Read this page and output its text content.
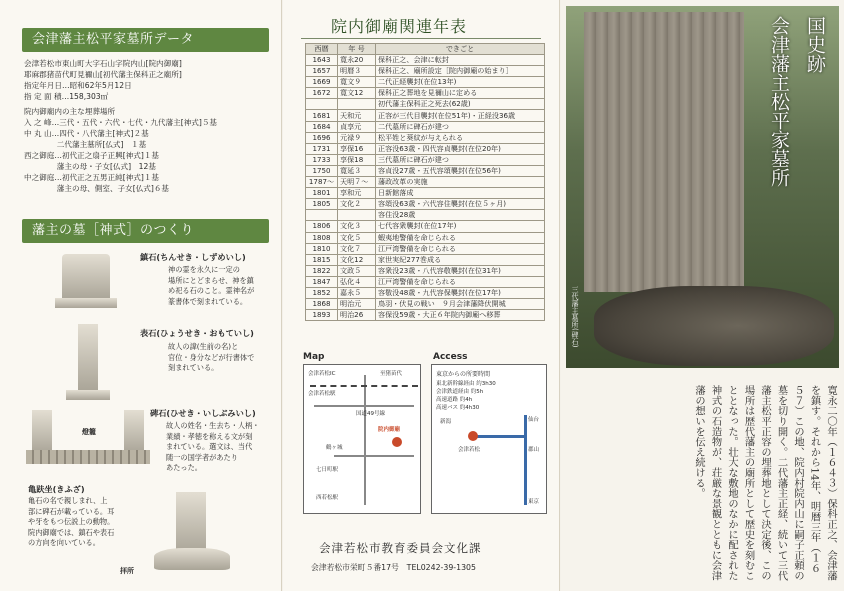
会津藩主松平家墓所データ
会津若松市東山町大字石山字院内山[院内御廟]
耶麻郡猪苗代町見禰山[初代藩主保科正之廟所]
指定年月日…昭和62年5月12日
指 定 面 積…158,303㎡
院内御廟内の主な埋葬場所
入 之 峰…三代・五代・六代・七代・九代藩主[神式]５基
中 丸 山…四代・八代藩主[神式]２基
　　　　 二代藩主墓所[仏式]　１基
西之御庭…初代正之扇子正興[神式]１基
　　　　 藩主の母・子女[仏式]　12基
中之御庭…初代正之五男正純[神式]１基
　　　　 藩主の母、側室、子女[仏式]６基
藩主の墓［神式］のつくり
鎮石(ちんせき・しずめいし)
神の霊を永久に一定の
場所にとどまらせ、神を鎮
め祀る石のこと。霊神名が
篆書体で刻まれている。
表石(ひょうせき・おもていし)
故人の諱(生前の名)と
官位・身分などが行書体で
刻まれている。
燈籠
碑石(ひせき・いしぶみいし)
故人の姓名・生去ち・人柄・
業績・孝徳を称える文が刻
まれている。選文は、当代
随一の国学者があたり
あたった。
亀趺坐(きふざ)
亀石の名で親しまれ、上
部に碑石が載っている。耳
や牙をもつ伝説上の動物。
院内御廟では、鎮石や表石
の方向を向いている。
拝所
院内御廟関連年表
西暦	年 号	できごと
1643	寛永20	保科正之、会津に転封
1657	明暦３	保科正之、廟所設定［院内御廟の始まり］
1669	寛文９	二代正経襲封(在位13年)
1672	寛文12	保科正之葬地を見禰山に定める
		初代藩主保科正之死去(62歳)
1681	天和元	正容が三代目襲封(在位51年)・正経没36歳
1684	貞享元	二代墓所に碑石が建つ
1696	元禄９	松平姓と葵紋が与えられる
1731	享保16	正容没63歳・四代容貞襲封(在位20年)
1733	享保18	三代墓所に碑石が建つ
1750	寛延３	容貞没27歳・五代容頌襲封(在位56年)
1787〜	天明７〜	藩政改革の実施
1801	享和元	日新館落成
1805	文化２	容頌没63歳・六代容住襲封(在位５ヶ月)
		容住没28歳
1806	文化３	七代容衆襲封(在位17年)
1808	文化５	蝦夷地警備を命じられる
1810	文化７	江戸湾警備を命じられる
1815	文化12	家世実紀277巻成る
1822	文政５	容衆没23歳・八代容敬襲封(在位31年)
1847	弘化４	江戸湾警備を命じられる
1852	嘉永５	容敬没48歳・九代容保襲封(在位17年)
1868	明治元	鳥羽・伏見の戦い　９月会津藩降伏開城
1893	明治26	容保没59歳・大正６年院内御廟へ移葬
Map
会津若松駅
院内御廟
鶴ヶ城
会津若松IC
国道49号線
至猪苗代
七日町駅
西若松駅
Access
東京からの所要時間
東北新幹線経由 約3h30
会津鉄道経由 約5h
高速道路 約4h
高速バス 約4h30
仙台
郡山
会津若松
新潟
東京
会津若松市教育委員会文化課
会津若松市栄町５番17号　TEL0242-39-1305
国史跡
会津藩主松平家墓所
三代藩主墓所(碑石)
寛永二〇年（１６４３）保科正之、会津藩を鎮す。それから14年、明暦三年（１６５７）この地、院内村院内山に嗣子正頼の墓を切り開く。二代藩主正経、続いて三代藩主松平正容の埋葬地として決定後、この場所は歴代藩主の廟所として歴史を刻むこととなった。壮大な敷地のなかに配された神式の石造物が、荘厳な景観とともに会津藩の想いを伝え続ける。
